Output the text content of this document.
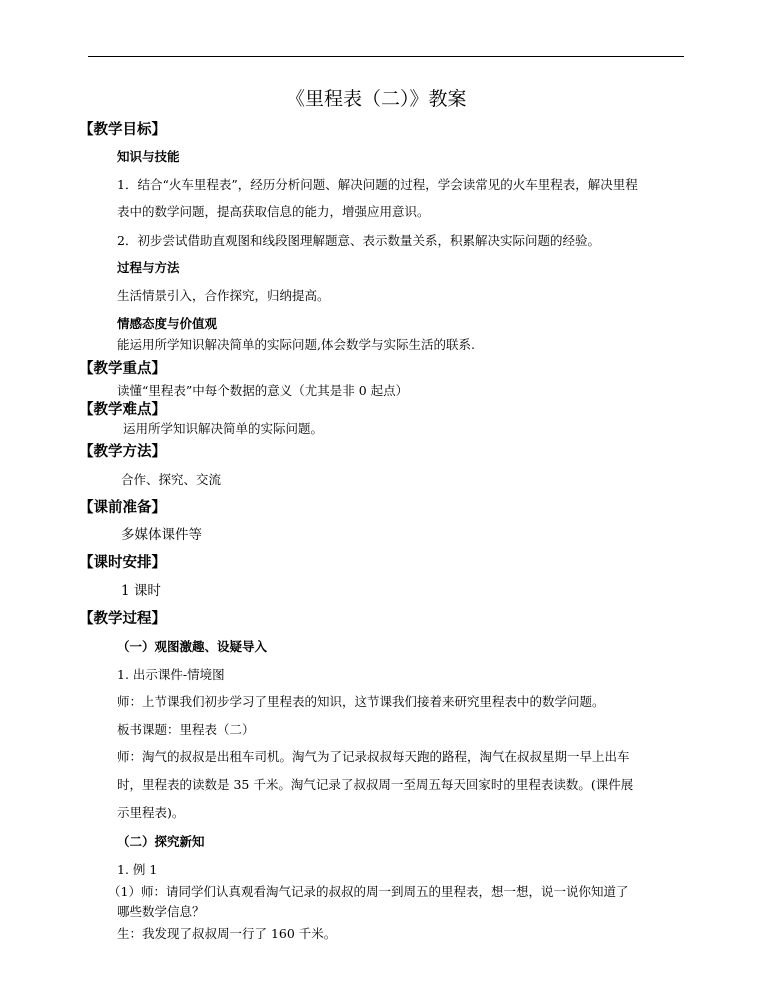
《里程表（二）》教案
【教学目标】
知识与技能
1．结合“火车里程表”，经历分析问题、解决问题的过程，学会读常见的火车里程表，解决里程
表中的数学问题，提高获取信息的能力，增强应用意识。
2．初步尝试借助直观图和线段图理解题意、表示数量关系，积累解决实际问题的经验。
过程与方法
生活情景引入，合作探究，归纳提高。
情感态度与价值观
能运用所学知识解决简单的实际问题,体会数学与实际生活的联系.
【教学重点】
读懂“里程表”中每个数据的意义（尤其是非 0 起点）
【教学难点】
运用所学知识解决简单的实际问题。
【教学方法】
合作、探究、交流
【课前准备】
多媒体课件等
【课时安排】
1 课时
【教学过程】
（一）观图激趣、设疑导入
1. 出示课件-情境图
师：上节课我们初步学习了里程表的知识，这节课我们接着来研究里程表中的数学问题。
板书课题：里程表（二）
师：淘气的叔叔是出租车司机。淘气为了记录叔叔每天跑的路程，淘气在叔叔星期一早上出车
时，里程表的读数是 35 千米。淘气记录了叔叔周一至周五每天回家时的里程表读数。(课件展
示里程表)。
（二）探究新知
1. 例 1
（1）师：请同学们认真观看淘气记录的叔叔的周一到周五的里程表，想一想，说一说你知道了
哪些数学信息？
生：我发现了叔叔周一行了 160 千米。
